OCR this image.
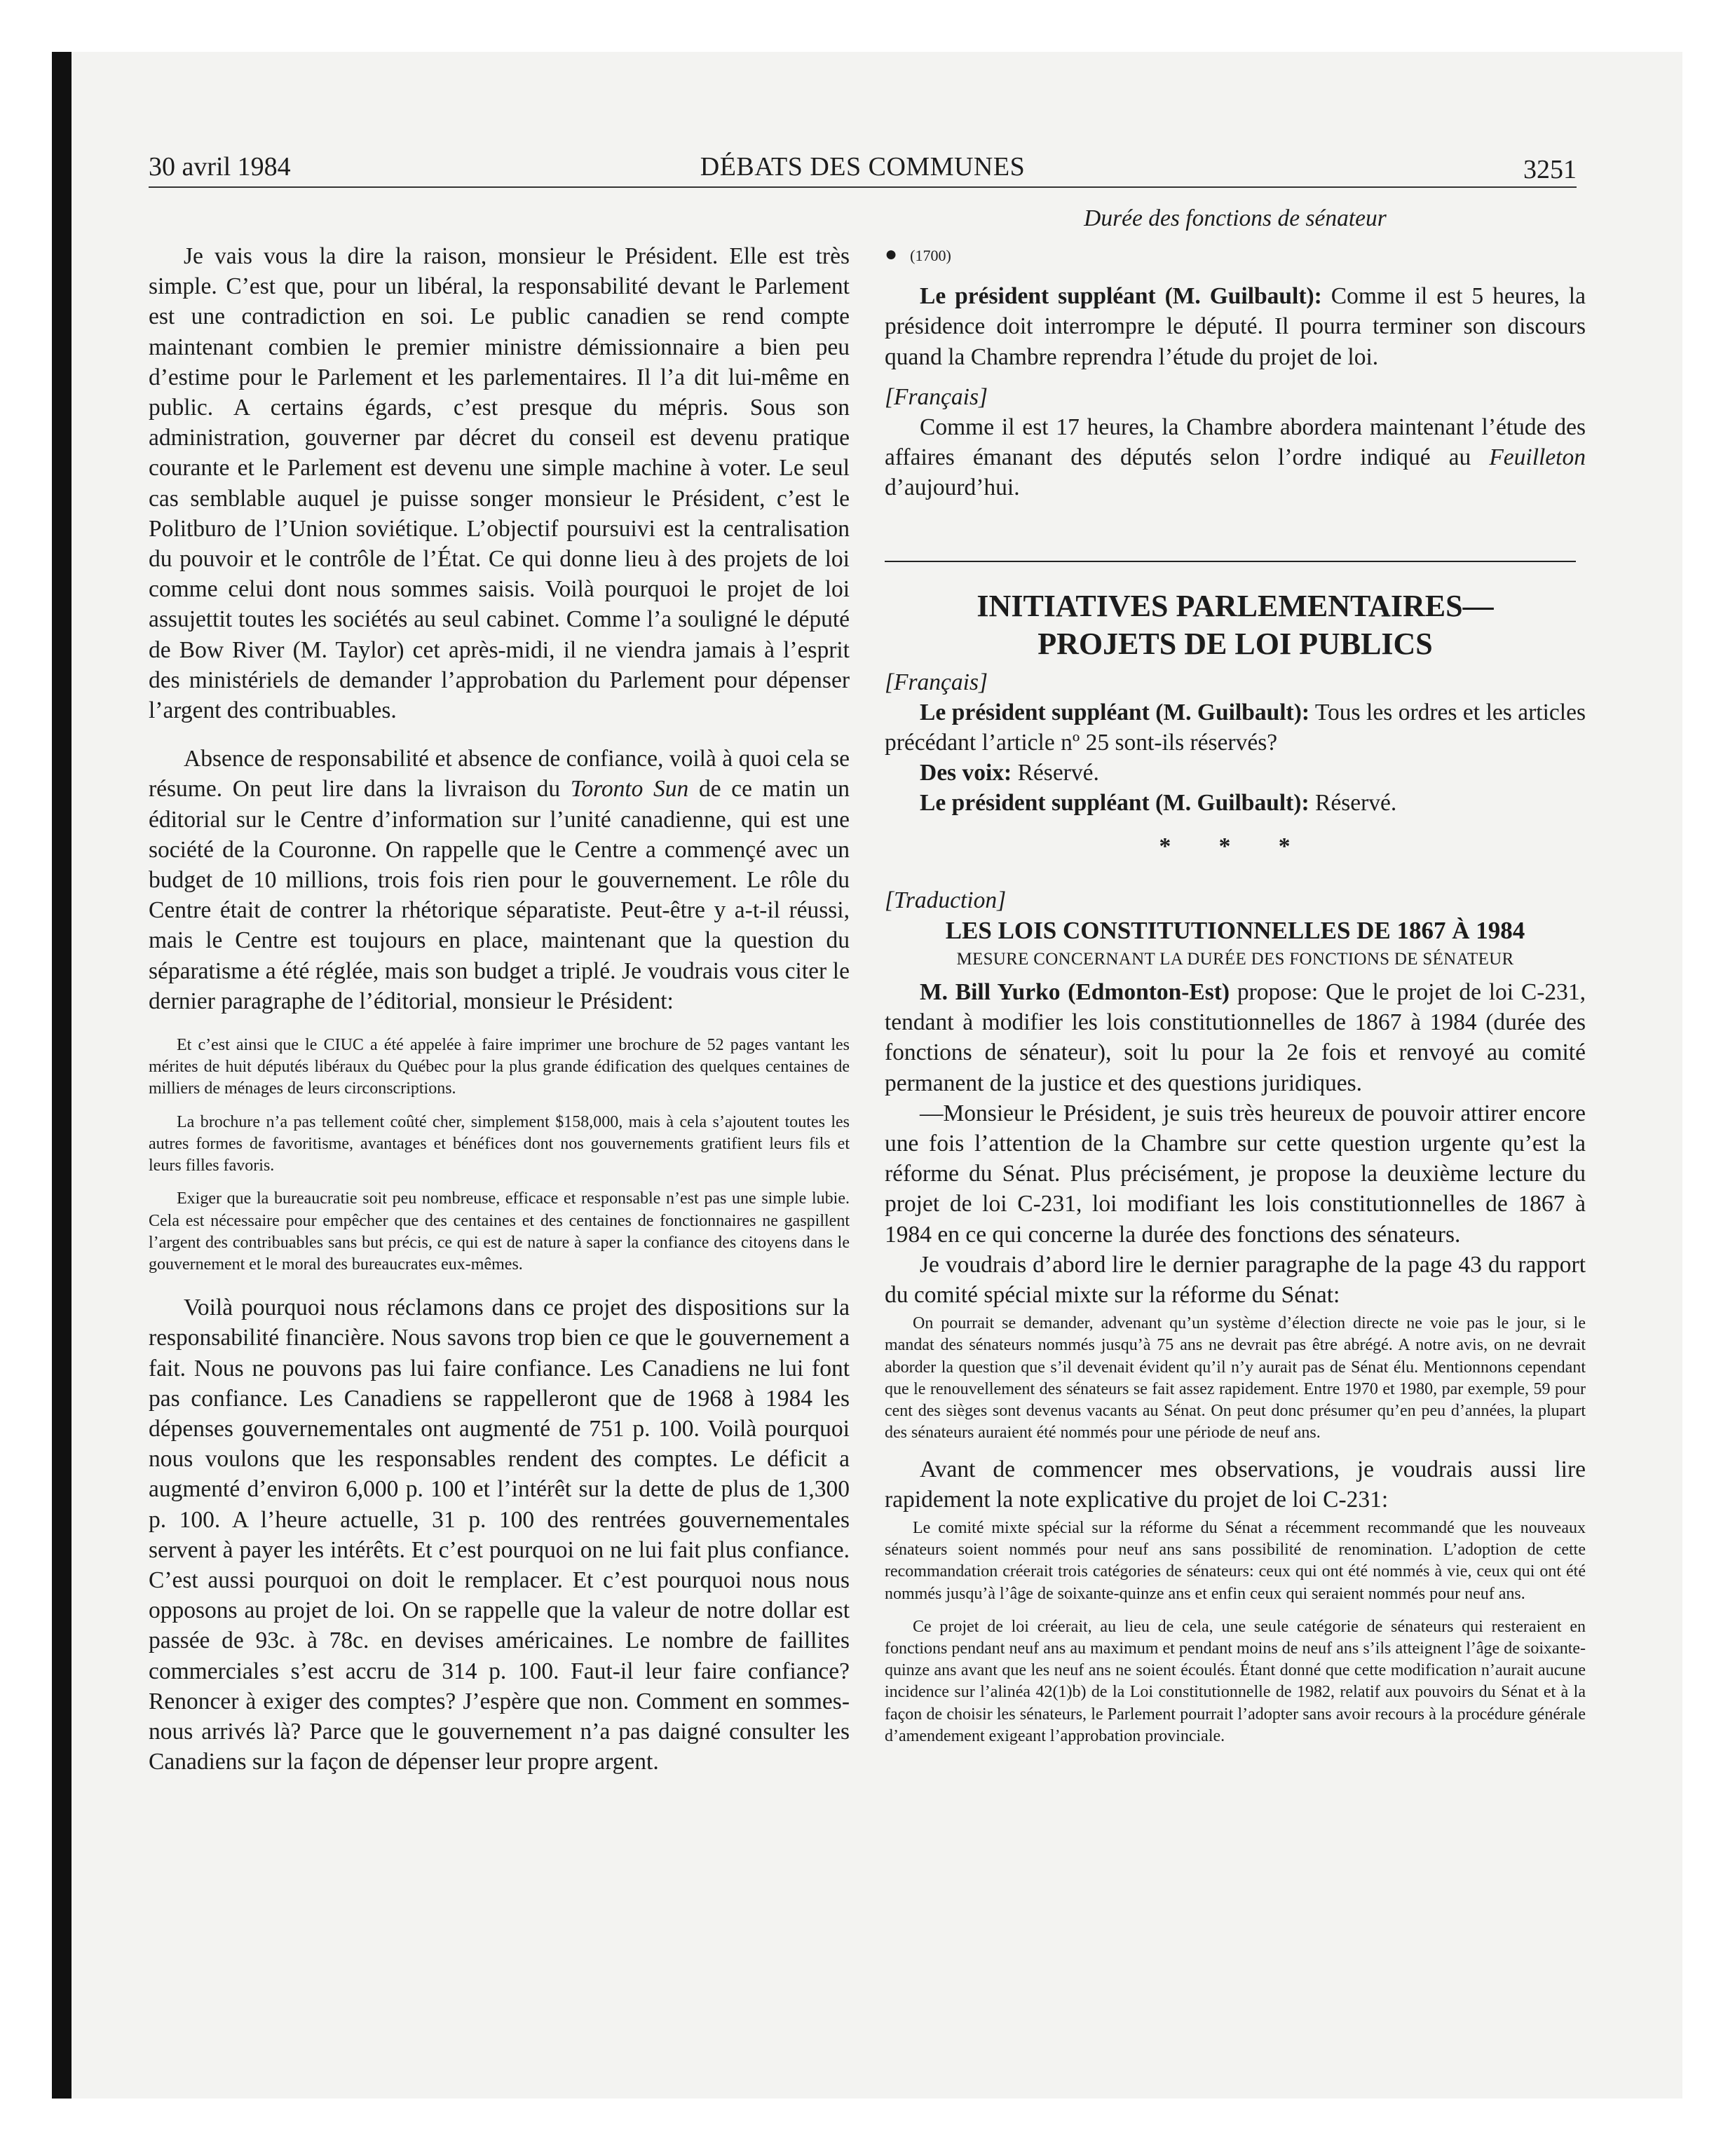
30 avril 1984	DÉBATS DES COMMUNES	3251

Je vais vous la dire la raison, monsieur le Président. Elle est très simple. C’est que, pour un libéral, la responsabilité devant le Parlement est une contradiction en soi. Le public canadien se rend compte maintenant combien le premier ministre démissionnaire a bien peu d’estime pour le Parlement et les parlementaires. Il l’a dit lui-même en public. A certains égards, c’est presque du mépris. Sous son administration, gouverner par décret du conseil est devenu pratique courante et le Parlement est devenu une simple machine à voter. Le seul cas semblable auquel je puisse songer monsieur le Président, c’est le Politburo de l’Union soviétique. L’objectif poursuivi est la centralisation du pouvoir et le contrôle de l’État. Ce qui donne lieu à des projets de loi comme celui dont nous sommes saisis. Voilà pourquoi le projet de loi assujettit toutes les sociétés au seul cabinet. Comme l’a souligné le député de Bow River (M. Taylor) cet après-midi, il ne viendra jamais à l’esprit des ministériels de demander l’approbation du Parlement pour dépenser l’argent des contribuables.

Absence de responsabilité et absence de confiance, voilà à quoi cela se résume. On peut lire dans la livraison du Toronto Sun de ce matin un éditorial sur le Centre d’information sur l’unité canadienne, qui est une société de la Couronne. On rappelle que le Centre a commençé avec un budget de 10 millions, trois fois rien pour le gouvernement. Le rôle du Centre était de contrer la rhétorique séparatiste. Peut-être y a-t-il réussi, mais le Centre est toujours en place, maintenant que la question du séparatisme a été réglée, mais son budget a triplé. Je voudrais vous citer le dernier paragraphe de l’éditorial, monsieur le Président:

Et c’est ainsi que le CIUC a été appelée à faire imprimer une brochure de 52 pages vantant les mérites de huit députés libéraux du Québec pour la plus grande édification des quelques centaines de milliers de ménages de leurs circonscriptions.

La brochure n’a pas tellement coûté cher, simplement $158,000, mais à cela s’ajoutent toutes les autres formes de favoritisme, avantages et bénéfices dont nos gouvernements gratifient leurs fils et leurs filles favoris.

Exiger que la bureaucratie soit peu nombreuse, efficace et responsable n’est pas une simple lubie. Cela est nécessaire pour empêcher que des centaines et des centaines de fonctionnaires ne gaspillent l’argent des contribuables sans but précis, ce qui est de nature à saper la confiance des citoyens dans le gouvernement et le moral des bureaucrates eux-mêmes.

Voilà pourquoi nous réclamons dans ce projet des dispositions sur la responsabilité financière. Nous savons trop bien ce que le gouvernement a fait. Nous ne pouvons pas lui faire confiance. Les Canadiens ne lui font pas confiance. Les Canadiens se rappelleront que de 1968 à 1984 les dépenses gouvernementales ont augmenté de 751 p. 100. Voilà pourquoi nous voulons que les responsables rendent des comptes. Le déficit a augmenté d’environ 6,000 p. 100 et l’intérêt sur la dette de plus de 1,300 p. 100. A l’heure actuelle, 31 p. 100 des rentrées gouvernementales servent à payer les intérêts. Et c’est pourquoi on ne lui fait plus confiance. C’est aussi pourquoi on doit le remplacer. Et c’est pourquoi nous nous opposons au projet de loi. On se rappelle que la valeur de notre dollar est passée de 93c. à 78c. en devises américaines. Le nombre de faillites commerciales s’est accru de 314 p. 100. Faut-il leur faire confiance? Renoncer à exiger des comptes? J’espère que non. Comment en sommes-nous arrivés là? Parce que le gouvernement n’a pas daigné consulter les Canadiens sur la façon de dépenser leur propre argent.

Durée des fonctions de sénateur

● (1700)

Le président suppléant (M. Guilbault): Comme il est 5 heures, la présidence doit interrompre le député. Il pourra terminer son discours quand la Chambre reprendra l’étude du projet de loi.

[Français]

Comme il est 17 heures, la Chambre abordera maintenant l’étude des affaires émanant des députés selon l’ordre indiqué au Feuilleton d’aujourd’hui.

INITIATIVES PARLEMENTAIRES—

PROJETS DE LOI PUBLICS

[Français]

Le président suppléant (M. Guilbault): Tous les ordres et les articles précédant l’article nº 25 sont-ils réservés?

Des voix: Réservé.

Le président suppléant (M. Guilbault): Réservé.

* * *

[Traduction]

LES LOIS CONSTITUTIONNELLES DE 1867 À 1984

MESURE CONCERNANT LA DURÉE DES FONCTIONS DE SÉNATEUR

M. Bill Yurko (Edmonton-Est) propose: Que le projet de loi C-231, tendant à modifier les lois constitutionnelles de 1867 à 1984 (durée des fonctions de sénateur), soit lu pour la 2e fois et renvoyé au comité permanent de la justice et des questions juridiques.

—Monsieur le Président, je suis très heureux de pouvoir attirer encore une fois l’attention de la Chambre sur cette question urgente qu’est la réforme du Sénat. Plus précisément, je propose la deuxième lecture du projet de loi C-231, loi modifiant les lois constitutionnelles de 1867 à 1984 en ce qui concerne la durée des fonctions des sénateurs.

Je voudrais d’abord lire le dernier paragraphe de la page 43 du rapport du comité spécial mixte sur la réforme du Sénat:

On pourrait se demander, advenant qu’un système d’élection directe ne voie pas le jour, si le mandat des sénateurs nommés jusqu’à 75 ans ne devrait pas être abrégé. A notre avis, on ne devrait aborder la question que s’il devenait évident qu’il n’y aurait pas de Sénat élu. Mentionnons cependant que le renouvellement des sénateurs se fait assez rapidement. Entre 1970 et 1980, par exemple, 59 pour cent des sièges sont devenus vacants au Sénat. On peut donc présumer qu’en peu d’années, la plupart des sénateurs auraient été nommés pour une période de neuf ans.

Avant de commencer mes observations, je voudrais aussi lire rapidement la note explicative du projet de loi C-231:

Le comité mixte spécial sur la réforme du Sénat a récemment recommandé que les nouveaux sénateurs soient nommés pour neuf ans sans possibilité de renomination. L’adoption de cette recommandation créerait trois catégories de sénateurs: ceux qui ont été nommés à vie, ceux qui ont été nommés jusqu’à l’âge de soixante-quinze ans et enfin ceux qui seraient nommés pour neuf ans.

Ce projet de loi créerait, au lieu de cela, une seule catégorie de sénateurs qui resteraient en fonctions pendant neuf ans au maximum et pendant moins de neuf ans s’ils atteignent l’âge de soixante-quinze ans avant que les neuf ans ne soient écoulés. Étant donné que cette modification n’aurait aucune incidence sur l’alinéa 42(1)b) de la Loi constitutionnelle de 1982, relatif aux pouvoirs du Sénat et à la façon de choisir les sénateurs, le Parlement pourrait l’adopter sans avoir recours à la procédure générale d’amendement exigeant l’approbation provinciale.
